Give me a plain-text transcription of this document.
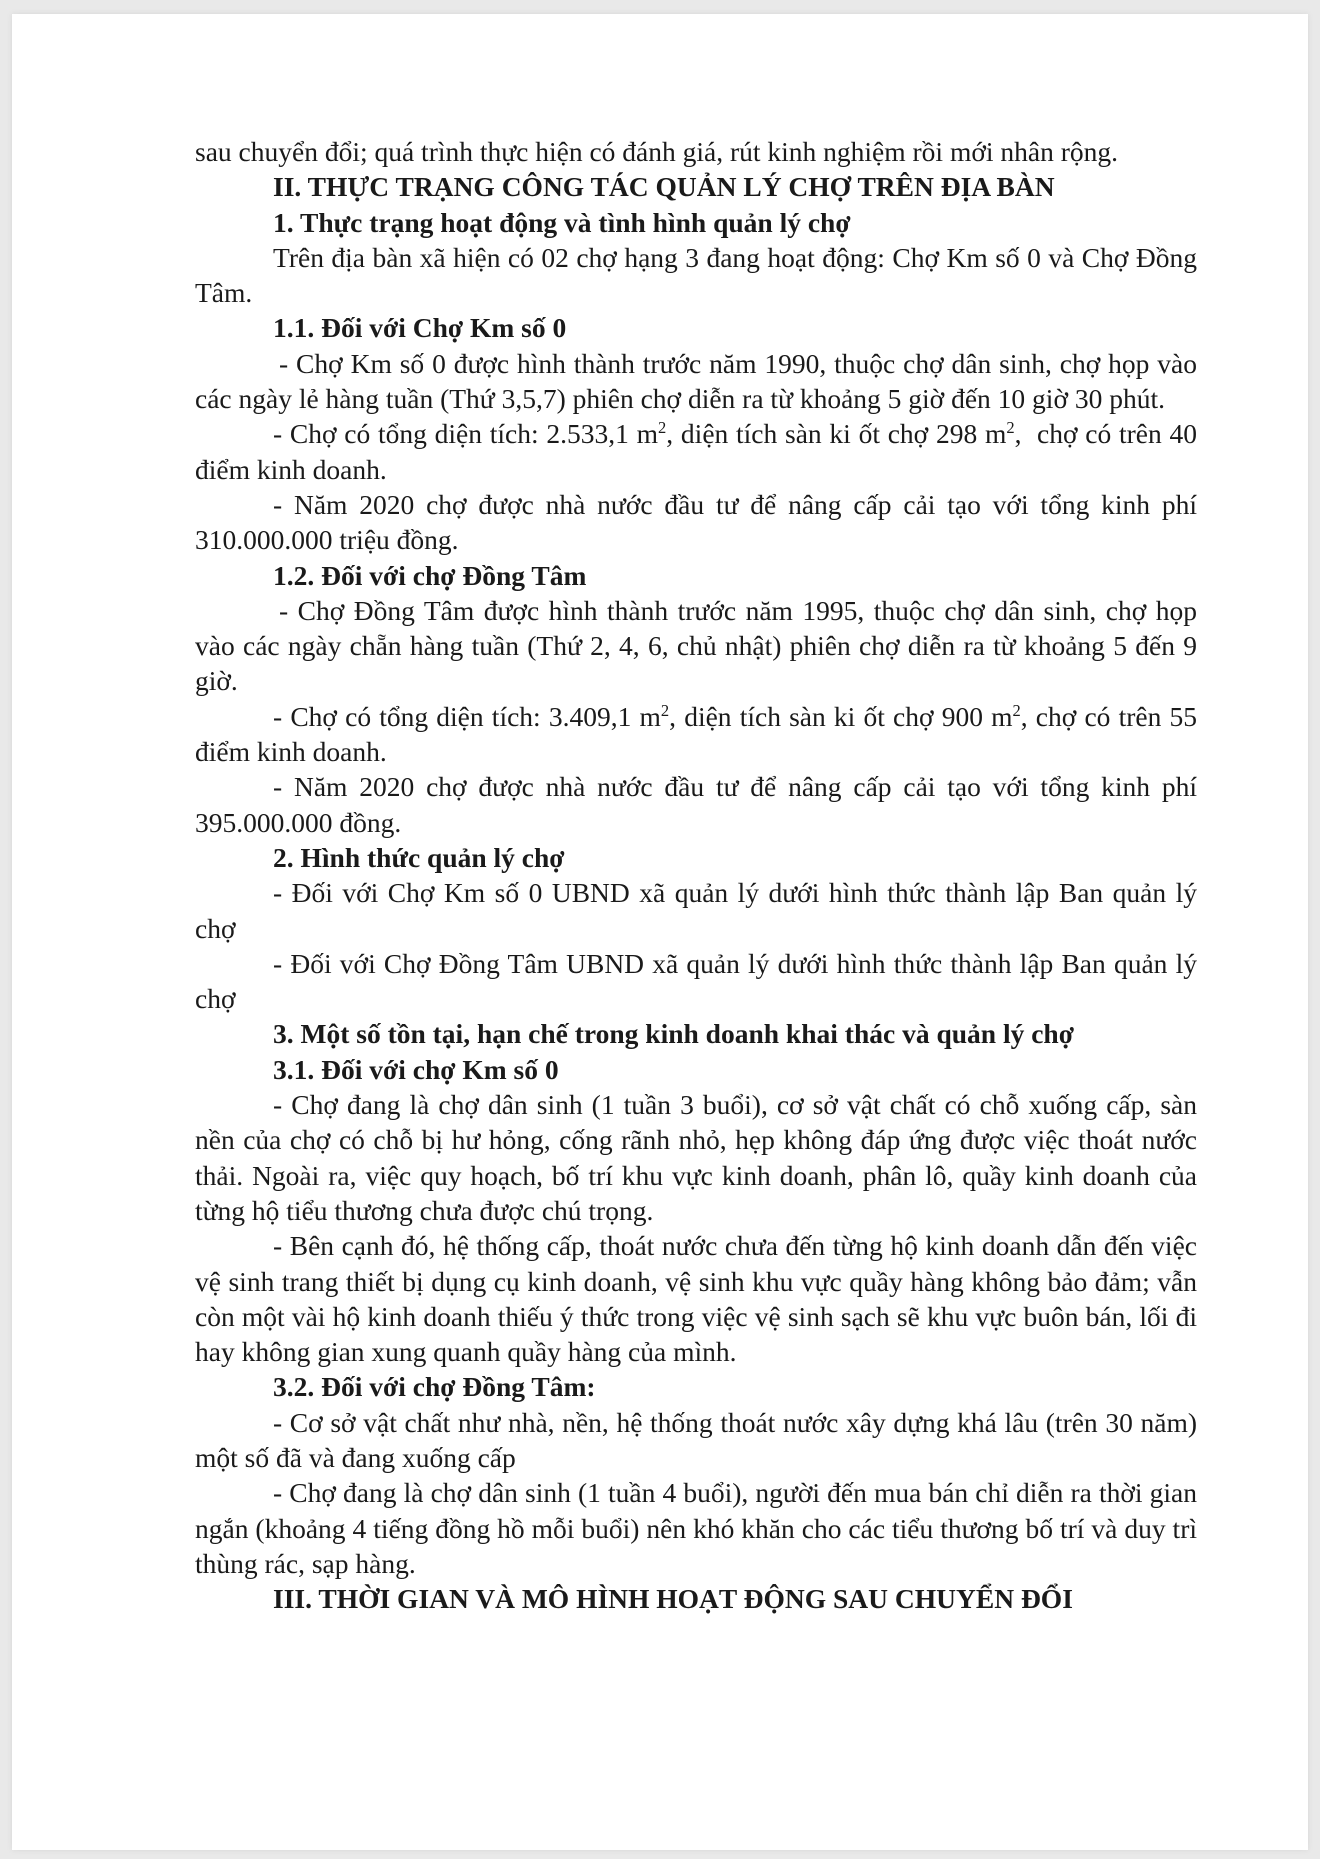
sau chuyển đổi; quá trình thực hiện có đánh giá, rút kinh nghiệm rồi mới nhân rộng.

II. THỰC TRẠNG CÔNG TÁC QUẢN LÝ CHỢ TRÊN ĐỊA BÀN

1. Thực trạng hoạt động và tình hình quản lý chợ

Trên địa bàn xã hiện có 02 chợ hạng 3 đang hoạt động: Chợ Km số 0 và Chợ Đồng Tâm.

1.1. Đối với Chợ Km số 0

- Chợ Km số 0 được hình thành trước năm 1990, thuộc chợ dân sinh, chợ họp vào các ngày lẻ hàng tuần (Thứ 3,5,7) phiên chợ diễn ra từ khoảng 5 giờ đến 10 giờ 30 phút.

- Chợ có tổng diện tích: 2.533,1 $m^2$, diện tích sàn ki ốt chợ 298 $m^2$,  chợ có trên 40 điểm kinh doanh.

- Năm 2020 chợ được nhà nước đầu tư để nâng cấp cải tạo với tổng kinh phí 310.000.000 triệu đồng.

1.2. Đối với chợ Đồng Tâm

- Chợ Đồng Tâm được hình thành trước năm 1995, thuộc chợ dân sinh, chợ họp vào các ngày chẵn hàng tuần (Thứ 2, 4, 6, chủ nhật) phiên chợ diễn ra từ khoảng 5 đến 9 giờ.

- Chợ có tổng diện tích: 3.409,1 $m^2$, diện tích sàn ki ốt chợ 900 $m^2$, chợ có trên 55 điểm kinh doanh.

- Năm 2020 chợ được nhà nước đầu tư để nâng cấp cải tạo với tổng kinh phí 395.000.000 đồng.

2. Hình thức quản lý chợ

- Đối với Chợ Km số 0 UBND xã quản lý dưới hình thức thành lập Ban quản lý chợ

- Đối với Chợ Đồng Tâm UBND xã quản lý dưới hình thức thành lập Ban quản lý chợ

3. Một số tồn tại, hạn chế trong kinh doanh khai thác và quản lý chợ

3.1. Đối với chợ Km số 0

- Chợ đang là chợ dân sinh (1 tuần 3 buổi), cơ sở vật chất có chỗ xuống cấp, sàn nền của chợ có chỗ bị hư hỏng, cống rãnh nhỏ, hẹp không đáp ứng được việc thoát nước thải. Ngoài ra, việc quy hoạch, bố trí khu vực kinh doanh, phân lô, quầy kinh doanh của từng hộ tiểu thương chưa được chú trọng.

- Bên cạnh đó, hệ thống cấp, thoát nước chưa đến từng hộ kinh doanh dẫn đến việc vệ sinh trang thiết bị dụng cụ kinh doanh, vệ sinh khu vực quầy hàng không bảo đảm; vẫn còn một vài hộ kinh doanh thiếu ý thức trong việc vệ sinh sạch sẽ khu vực buôn bán, lối đi hay không gian xung quanh quầy hàng của mình.

3.2. Đối với chợ Đồng Tâm:

- Cơ sở vật chất như nhà, nền, hệ thống thoát nước xây dựng khá lâu (trên 30 năm) một số đã và đang xuống cấp

- Chợ đang là chợ dân sinh (1 tuần 4 buổi), người đến mua bán chỉ diễn ra thời gian ngắn (khoảng 4 tiếng đồng hồ mỗi buổi) nên khó khăn cho các tiểu thương bố trí và duy trì thùng rác, sạp hàng.

III. THỜI GIAN VÀ MÔ HÌNH HOẠT ĐỘNG SAU CHUYỂN ĐỔI
